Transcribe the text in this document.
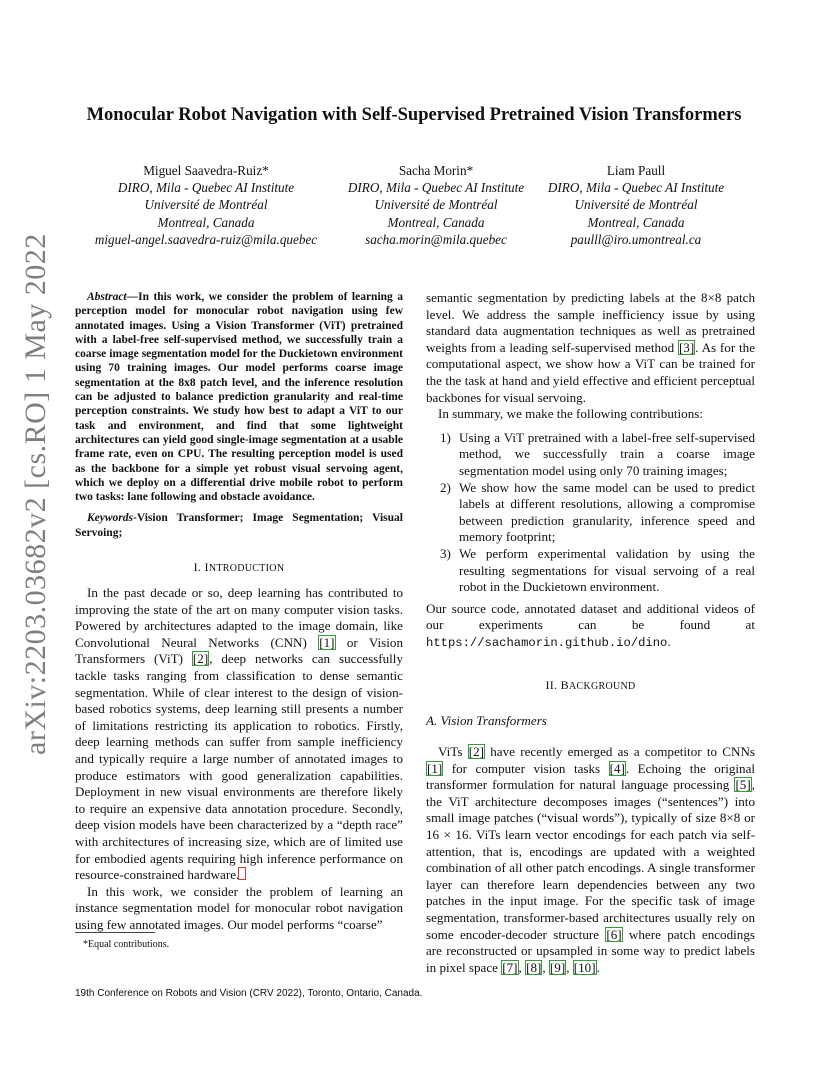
arXiv:2203.03682v2 [cs.RO] 1 May 2022
Monocular Robot Navigation with Self-Supervised Pretrained Vision Transformers
Miguel Saavedra-Ruiz*
DIRO, Mila - Quebec AI Institute
Université de Montréal
Montreal, Canada
miguel-angel.saavedra-ruiz@mila.quebec
Sacha Morin*
DIRO, Mila - Quebec AI Institute
Université de Montréal
Montreal, Canada
sacha.morin@mila.quebec
Liam Paull
DIRO, Mila - Quebec AI Institute
Université de Montréal
Montreal, Canada
paulll@iro.umontreal.ca

Abstract—In this work, we consider the problem of learning a perception model for monocular robot navigation using few annotated images. Using a Vision Transformer (ViT) pretrained with a label-free self-supervised method, we successfully train a coarse image segmentation model for the Duckietown environment using 70 training images. Our model performs coarse image segmentation at the 8x8 patch level, and the inference resolution can be adjusted to balance prediction granularity and real-time perception constraints. We study how best to adapt a ViT to our task and environment, and find that some lightweight architectures can yield good single-image segmentation at a usable frame rate, even on CPU. The resulting perception model is used as the backbone for a simple yet robust visual servoing agent, which we deploy on a differential drive mobile robot to perform two tasks: lane following and obstacle avoidance.

Keywords-Vision Transformer; Image Segmentation; Visual Servoing;

I. INTRODUCTION

In the past decade or so, deep learning has contributed to improving the state of the art on many computer vision tasks. Powered by architectures adapted to the image domain, like Convolutional Neural Networks (CNN) [1] or Vision Transformers (ViT) [2], deep networks can successfully tackle tasks ranging from classification to dense semantic segmentation. While of clear interest to the design of vision-based robotics systems, deep learning still presents a number of limitations restricting its application to robotics. Firstly, deep learning methods can suffer from sample inefficiency and typically require a large number of annotated images to produce estimators with good generalization capabilities. Deployment in new visual environments are therefore likely to require an expensive data annotation procedure. Secondly, deep vision models have been characterized by a “depth race” with architectures of increasing size, which are of limited use for embodied agents requiring high inference performance on resource-constrained hardware.

In this work, we consider the problem of learning an instance segmentation model for monocular robot navigation using few annotated images. Our model performs “coarse”

semantic segmentation by predicting labels at the 8×8 patch level. We address the sample inefficiency issue by using standard data augmentation techniques as well as pretrained weights from a leading self-supervised method [3]. As for the computational aspect, we show how a ViT can be trained for the the task at hand and yield effective and efficient perceptual backbones for visual servoing.

In summary, we make the following contributions:

1) Using a ViT pretrained with a label-free self-supervised method, we successfully train a coarse image segmentation model using only 70 training images;
2) We show how the same model can be used to predict labels at different resolutions, allowing a compromise between prediction granularity, inference speed and memory footprint;
3) We perform experimental validation by using the resulting segmentations for visual servoing of a real robot in the Duckietown environment.

Our source code, annotated dataset and additional videos of our experiments can be found at https://sachamorin.github.io/dino.

II. BACKGROUND
A. Vision Transformers

ViTs [2] have recently emerged as a competitor to CNNs [1] for computer vision tasks [4]. Echoing the original transformer formulation for natural language processing [5], the ViT architecture decomposes images (“sentences”) into small image patches (“visual words”), typically of size 8×8 or 16 × 16. ViTs learn vector encodings for each patch via self-attention, that is, encodings are updated with a weighted combination of all other patch encodings. A single transformer layer can therefore learn dependencies between any two patches in the input image. For the specific task of image segmentation, transformer-based architectures usually rely on some encoder-decoder structure [6] where patch encodings are reconstructed or upsampled in some way to predict labels in pixel space [7], [8], [9], [10].

*Equal contributions.
19th Conference on Robots and Vision (CRV 2022), Toronto, Ontario, Canada.
